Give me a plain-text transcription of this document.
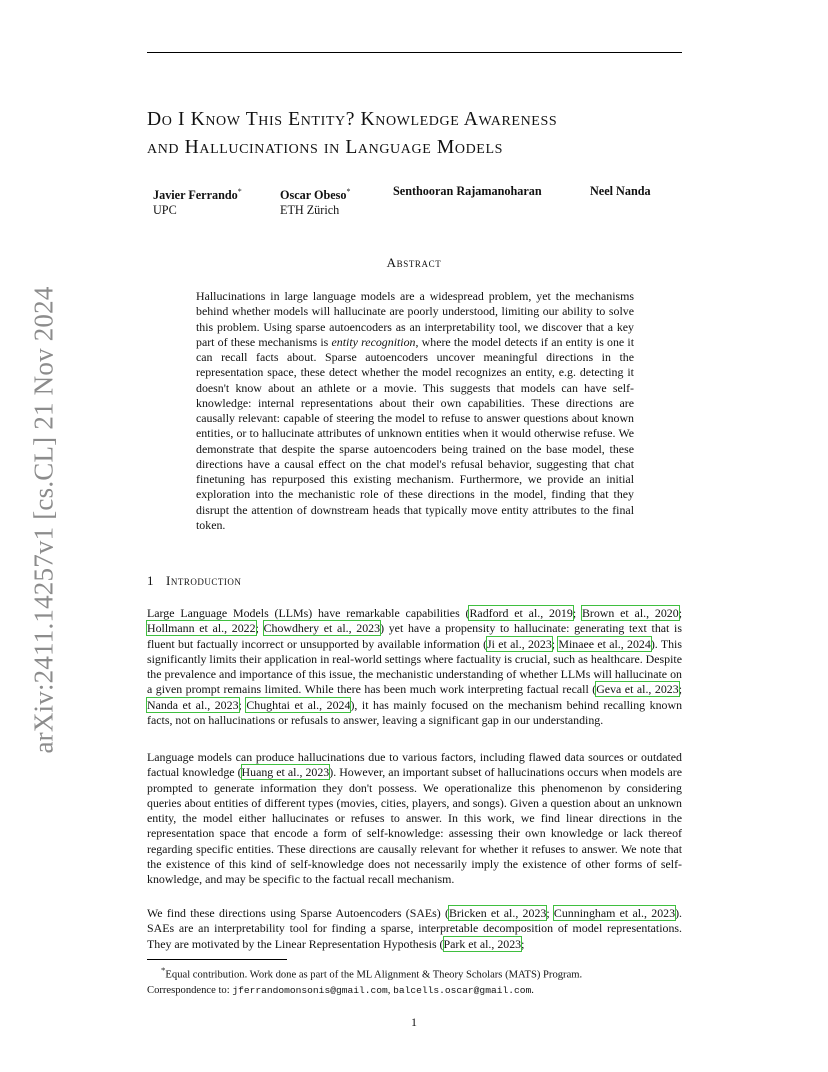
arXiv:2411.14257v1 [cs.CL] 21 Nov 2024
Do I Know This Entity? Knowledge Awareness
and Hallucinations in Language Models
Javier Ferrando*
UPC
Oscar Obeso*
ETH Zürich
Senthooran Rajamanoharan	Neel Nanda
Abstract
Hallucinations in large language models are a widespread problem, yet the mechanisms behind whether models will hallucinate are poorly understood, limiting our ability to solve this problem. Using sparse autoencoders as an interpretability tool, we discover that a key part of these mechanisms is entity recognition, where the model detects if an entity is one it can recall facts about. Sparse autoencoders uncover meaningful directions in the representation space, these detect whether the model recognizes an entity, e.g. detecting it doesn't know about an athlete or a movie. This suggests that models can have self-knowledge: internal representations about their own capabilities. These directions are causally relevant: capable of steering the model to refuse to answer questions about known entities, or to hallucinate attributes of unknown entities when it would otherwise refuse. We demonstrate that despite the sparse autoencoders being trained on the base model, these directions have a causal effect on the chat model's refusal behavior, suggesting that chat finetuning has repurposed this existing mechanism. Furthermore, we provide an initial exploration into the mechanistic role of these directions in the model, finding that they disrupt the attention of downstream heads that typically move entity attributes to the final token.
1 Introduction

Large Language Models (LLMs) have remarkable capabilities (Radford et al., 2019; Brown et al., 2020; Hollmann et al., 2022; Chowdhery et al., 2023) yet have a propensity to hallucinate: generating text that is fluent but factually incorrect or unsupported by available information (Ji et al., 2023; Minaee et al., 2024). This significantly limits their application in real-world settings where factuality is crucial, such as healthcare. Despite the prevalence and importance of this issue, the mechanistic understanding of whether LLMs will hallucinate on a given prompt remains limited. While there has been much work interpreting factual recall (Geva et al., 2023; Nanda et al., 2023; Chughtai et al., 2024), it has mainly focused on the mechanism behind recalling known facts, not on hallucinations or refusals to answer, leaving a significant gap in our understanding.

Language models can produce hallucinations due to various factors, including flawed data sources or outdated factual knowledge (Huang et al., 2023). However, an important subset of hallucinations occurs when models are prompted to generate information they don't possess. We operationalize this phenomenon by considering queries about entities of different types (movies, cities, players, and songs). Given a question about an unknown entity, the model either hallucinates or refuses to answer. In this work, we find linear directions in the representation space that encode a form of self-knowledge: assessing their own knowledge or lack thereof regarding specific entities. These directions are causally relevant for whether it refuses to answer. We note that the existence of this kind of self-knowledge does not necessarily imply the existence of other forms of self-knowledge, and may be specific to the factual recall mechanism.

We find these directions using Sparse Autoencoders (SAEs) (Bricken et al., 2023; Cunningham et al., 2023). SAEs are an interpretability tool for finding a sparse, interpretable decomposition of model representations. They are motivated by the Linear Representation Hypothesis (Park et al., 2023;

*Equal contribution. Work done as part of the ML Alignment & Theory Scholars (MATS) Program.
Correspondence to: jferrandomonsonis@gmail.com, balcells.oscar@gmail.com.
1
